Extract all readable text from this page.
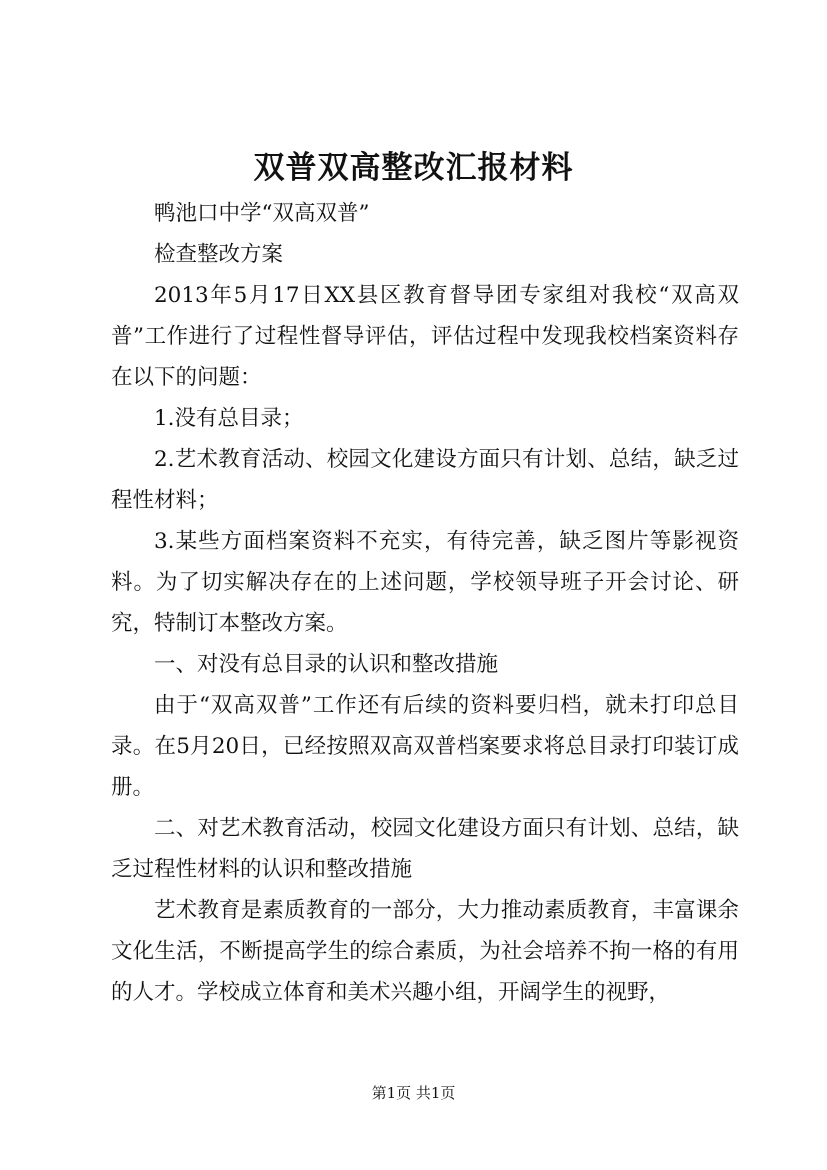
双普双高整改汇报材料

鸭池口中学“双高双普”

检查整改方案

2013年5月17日XX县区教育督导团专家组对我校“双高双普”工作进行了过程性督导评估，评估过程中发现我校档案资料存在以下的问题：

1.没有总目录；

2.艺术教育活动、校园文化建设方面只有计划、总结，缺乏过程性材料；

3.某些方面档案资料不充实，有待完善，缺乏图片等影视资料。为了切实解决存在的上述问题，学校领导班子开会讨论、研究，特制订本整改方案。

一、对没有总目录的认识和整改措施

由于“双高双普”工作还有后续的资料要归档，就未打印总目录。在5月20日，已经按照双高双普档案要求将总目录打印装订成册。

二、对艺术教育活动，校园文化建设方面只有计划、总结，缺乏过程性材料的认识和整改措施

艺术教育是素质教育的一部分，大力推动素质教育，丰富课余文化生活，不断提高学生的综合素质，为社会培养不拘一格的有用的人才。学校成立体育和美术兴趣小组，开阔学生的视野，

第1页 共1页
